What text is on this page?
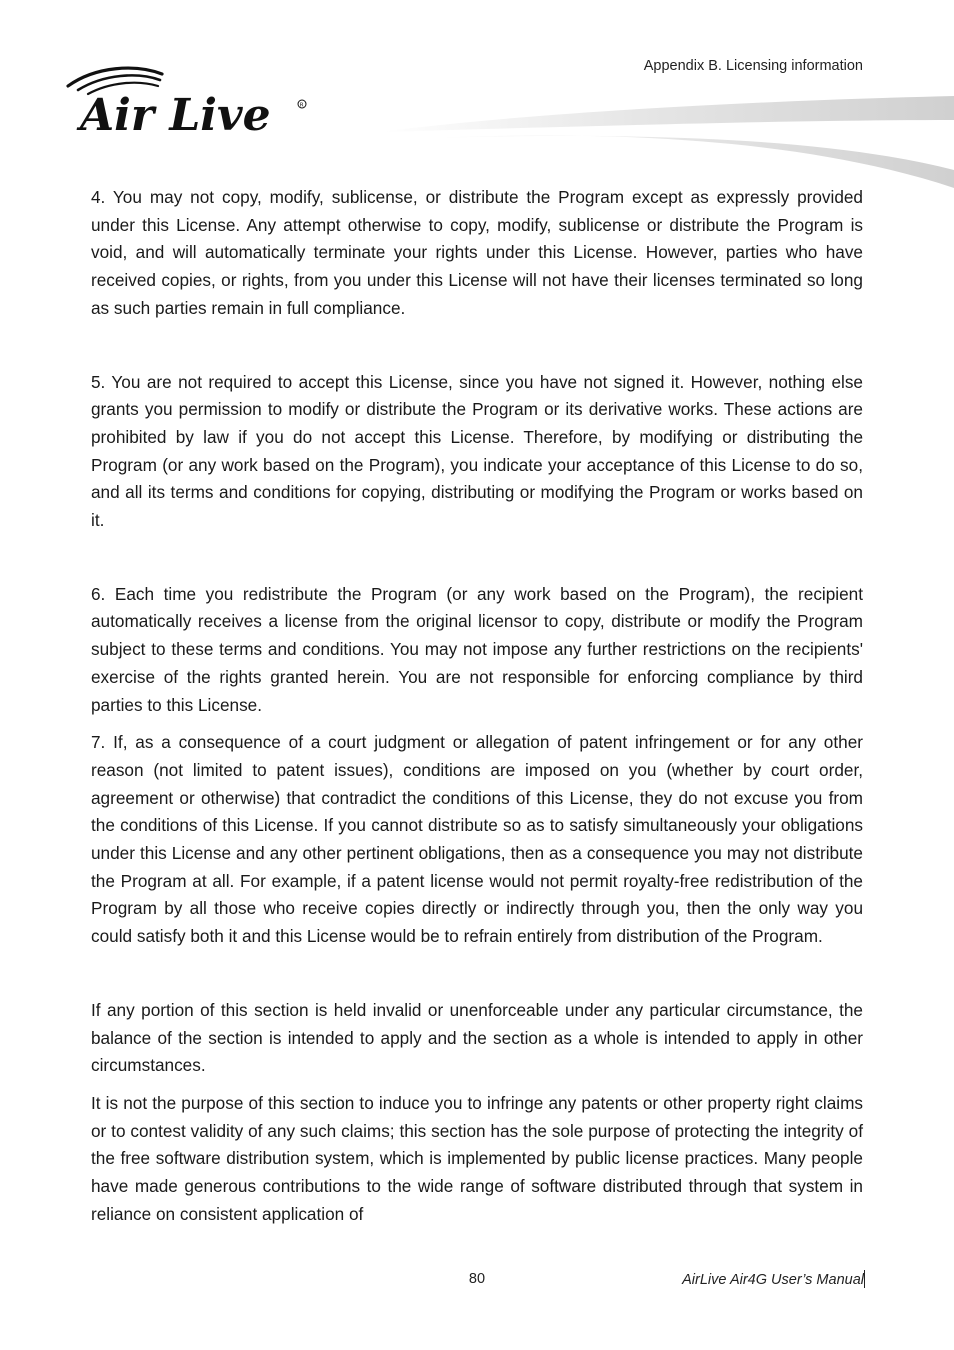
Appendix B. Licensing information
Air Live	R

4. You may not copy, modify, sublicense, or distribute the Program except as expressly provided under this License. Any attempt otherwise to copy, modify, sublicense or distribute the Program is void, and will automatically terminate your rights under this License. However, parties who have received copies, or rights, from you under this License will not have their licenses terminated so long as such parties remain in full compliance.

5. You are not required to accept this License, since you have not signed it. However, nothing else grants you permission to modify or distribute the Program or its derivative works. These actions are prohibited by law if you do not accept this License. Therefore, by modifying or distributing the Program (or any work based on the Program), you indicate your acceptance of this License to do so, and all its terms and conditions for copying, distributing or modifying the Program or works based on it.

6. Each time you redistribute the Program (or any work based on the Program), the recipient automatically receives a license from the original licensor to copy, distribute or modify the Program subject to these terms and conditions. You may not impose any further restrictions on the recipients' exercise of the rights granted herein. You are not responsible for enforcing compliance by third parties to this License.

7. If, as a consequence of a court judgment or allegation of patent infringement or for any other reason (not limited to patent issues), conditions are imposed on you (whether by court order, agreement or otherwise) that contradict the conditions of this License, they do not excuse you from the conditions of this License. If you cannot distribute so as to satisfy simultaneously your obligations under this License and any other pertinent obligations, then as a consequence you may not distribute the Program at all. For example, if a patent license would not permit royalty-free redistribution of the Program by all those who receive copies directly or indirectly through you, then the only way you could satisfy both it and this License would be to refrain entirely from distribution of the Program.

If any portion of this section is held invalid or unenforceable under any particular circumstance, the balance of the section is intended to apply and the section as a whole is intended to apply in other circumstances.

It is not the purpose of this section to induce you to infringe any patents or other property right claims or to contest validity of any such claims; this section has the sole purpose of protecting the integrity of the free software distribution system, which is implemented by public license practices. Many people have made generous contributions to the wide range of software distributed through that system in reliance on consistent application of

80	AirLive Air4G User’s Manual
